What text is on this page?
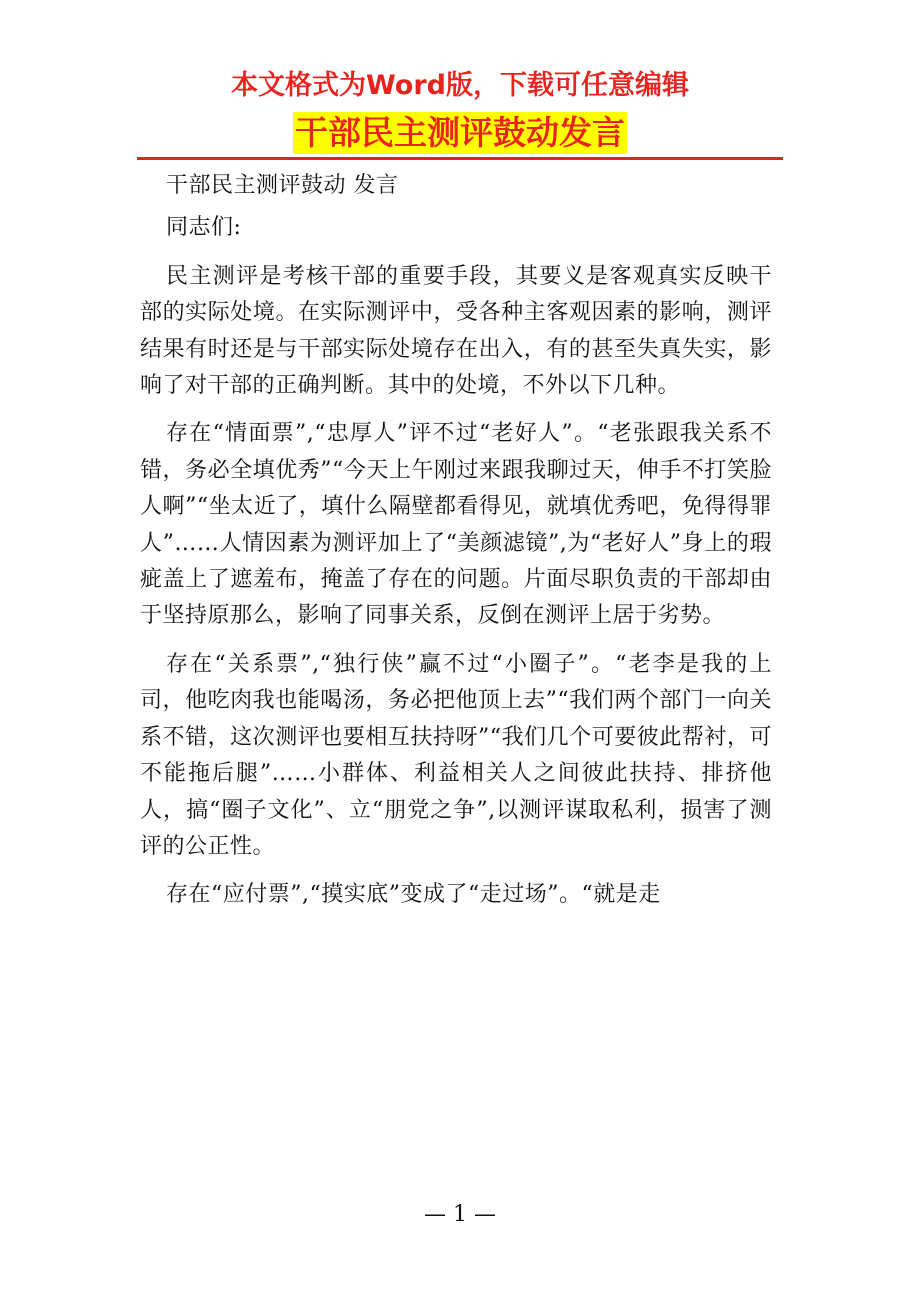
本文格式为Word版，下载可任意编辑
干部民主测评鼓动发言

干部民主测评鼓动 发言

同志们:

民主测评是考核干部的重要手段，其要义是客观真实反映干部的实际处境。在实际测评中，受各种主客观因素的影响，测评结果有时还是与干部实际处境存在出入，有的甚至失真失实，影响了对干部的正确判断。其中的处境，不外以下几种。

存在“情面票”,“忠厚人”评不过“老好人”。“老张跟我关系不错，务必全填优秀”“今天上午刚过来跟我聊过天，伸手不打笑脸人啊”“坐太近了，填什么隔壁都看得见，就填优秀吧，免得得罪人”……人情因素为测评加上了“美颜滤镜”,为“老好人”身上的瑕疵盖上了遮羞布，掩盖了存在的问题。片面尽职负责的干部却由于坚持原那么，影响了同事关系，反倒在测评上居于劣势。

存在“关系票”,“独行侠”赢不过“小圈子”。“老李是我的上司，他吃肉我也能喝汤，务必把他顶上去”“我们两个部门一向关系不错，这次测评也要相互扶持呀”“我们几个可要彼此帮衬，可不能拖后腿”……小群体、利益相关人之间彼此扶持、排挤他人，搞“圈子文化”、立“朋党之争”,以测评谋取私利，损害了测评的公正性。

存在“应付票”,“摸实底”变成了“走过场”。“就是走

— 1 —
